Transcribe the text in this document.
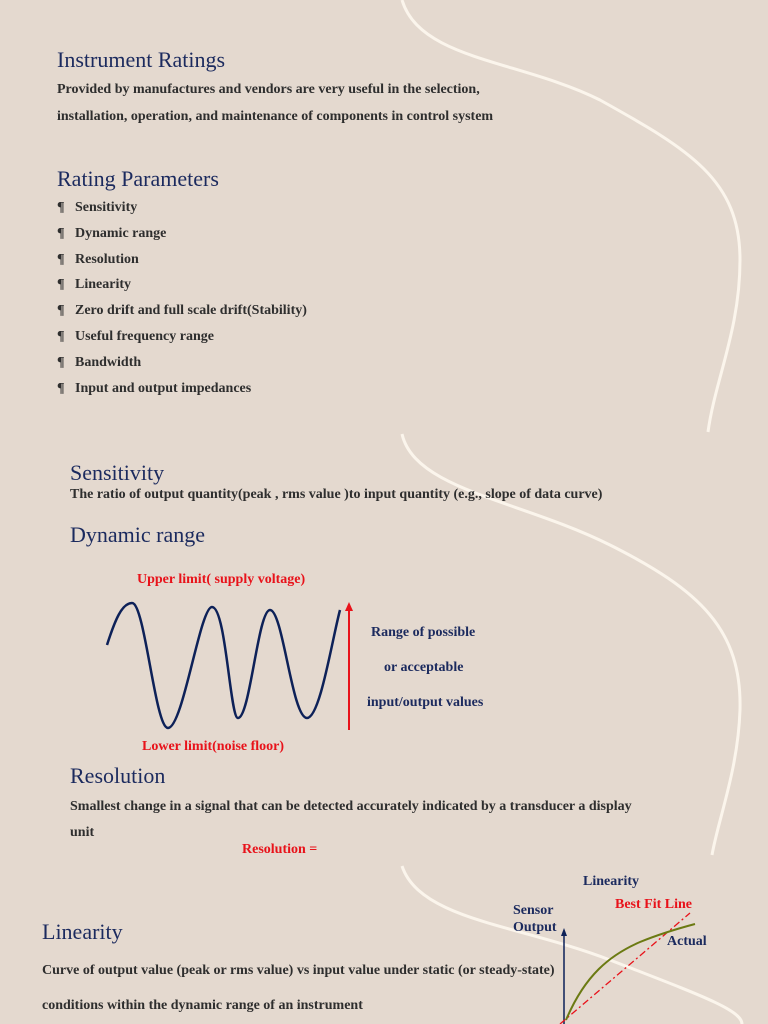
Instrument Ratings

Provided by manufactures and vendors are very useful in the selection,

installation, operation, and maintenance of components in control system

Rating Parameters
¶ Sensitivity
¶ Dynamic range
¶ Resolution
¶ Linearity
¶ Zero drift and full scale drift(Stability)
¶ Useful frequency range
¶ Bandwidth
¶ Input and output impedances
Sensitivity

The ratio of output quantity(peak , rms value )to input quantity (e.g., slope of data curve)

Dynamic range
Upper limit( supply voltage)
Range of possible
or acceptable
input/output values
Lower limit(noise floor)
Resolution

Smallest change in a signal that can be detected accurately indicated by a transducer a display

unit

Resolution =
Linearity
Sensor
Output
Best Fit Line
Actual
Linearity

Curve of output value (peak or rms value) vs input value under static (or steady-state)

conditions within the dynamic range of an instrument
